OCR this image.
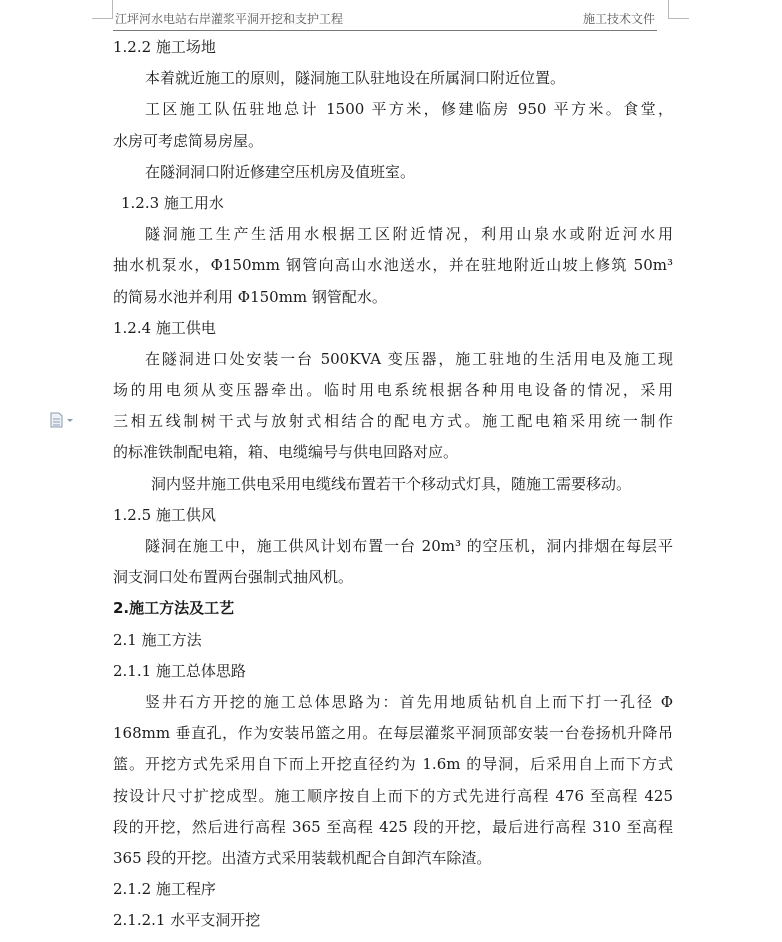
江坪河水电站右岸灌浆平洞开挖和支护工程	施工技术文件
1.2.2 施工场地
本着就近施工的原则，隧洞施工队驻地设在所属洞口附近位置。
工区施工队伍驻地总计 1500 平方米，修建临房 950 平方米。食堂，
水房可考虑简易房屋。
在隧洞洞口附近修建空压机房及值班室。
1.2.3 施工用水
隧洞施工生产生活用水根据工区附近情况，利用山泉水或附近河水用
抽水机泵水，Φ150mm 钢管向高山水池送水，并在驻地附近山坡上修筑 50m³
的简易水池并利用 Φ150mm 钢管配水。
1.2.4 施工供电
在隧洞进口处安装一台 500KVA 变压器，施工驻地的生活用电及施工现
场的用电须从变压器牵出。临时用电系统根据各种用电设备的情况，采用
三相五线制树干式与放射式相结合的配电方式。施工配电箱采用统一制作
的标准铁制配电箱，箱、电缆编号与供电回路对应。
洞内竖井施工供电采用电缆线布置若干个移动式灯具，随施工需要移动。
1.2.5 施工供风
隧洞在施工中，施工供风计划布置一台 20m³ 的空压机，洞内排烟在每层平
洞支洞口处布置两台强制式抽风机。
2.施工方法及工艺
2.1 施工方法
2.1.1 施工总体思路
竖井石方开挖的施工总体思路为：首先用地质钻机自上而下打一孔径 Φ
168mm 垂直孔，作为安装吊篮之用。在每层灌浆平洞顶部安装一台卷扬机升降吊
篮。开挖方式先采用自下而上开挖直径约为 1.6m 的导洞，后采用自上而下方式
按设计尺寸扩挖成型。施工顺序按自上而下的方式先进行高程 476 至高程 425
段的开挖，然后进行高程 365 至高程 425 段的开挖，最后进行高程 310 至高程
365 段的开挖。出渣方式采用装载机配合自卸汽车除渣。
2.1.2 施工程序
2.1.2.1 水平支洞开挖
